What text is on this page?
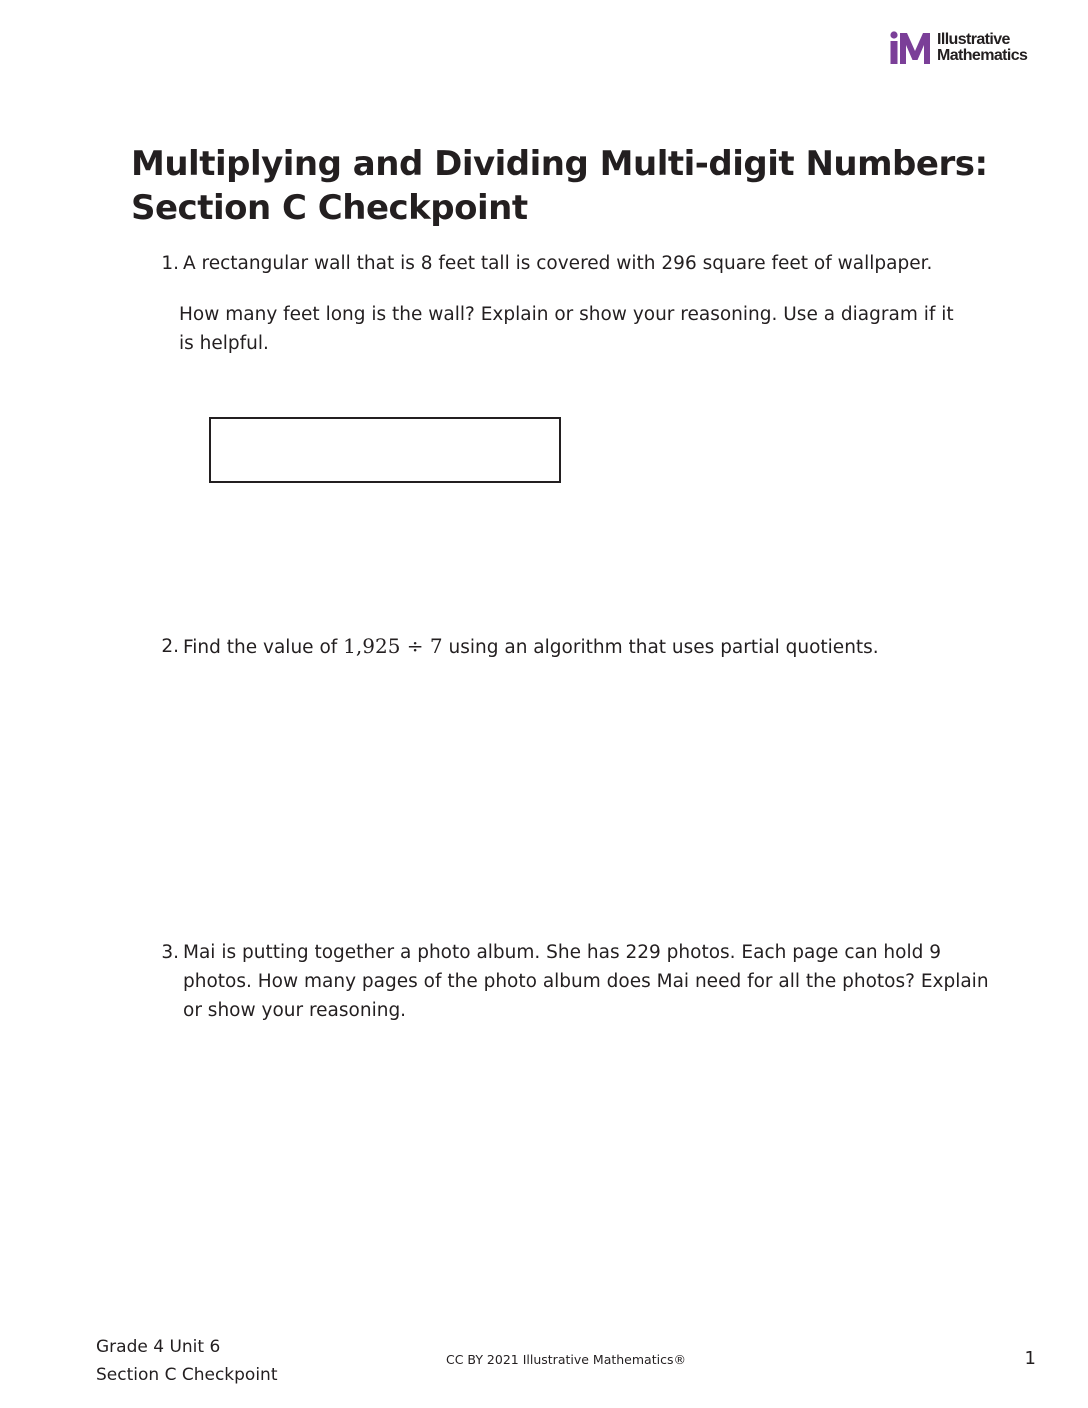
Illustrative
Mathematics
Multiplying and Dividing Multi-digit Numbers:
Section C Checkpoint
1. A rectangular wall that is 8 feet tall is covered with 296 square feet of wallpaper.
How many feet long is the wall? Explain or show your reasoning. Use a diagram if it is helpful.
2. Find the value of 1,925 ÷ 7 using an algorithm that uses partial quotients.
3. Mai is putting together a photo album. She has 229 photos. Each page can hold 9 photos. How many pages of the photo album does Mai need for all the photos? Explain or show your reasoning.
Grade 4 Unit 6
Section C Checkpoint
CC BY 2021 Illustrative Mathematics®	1
